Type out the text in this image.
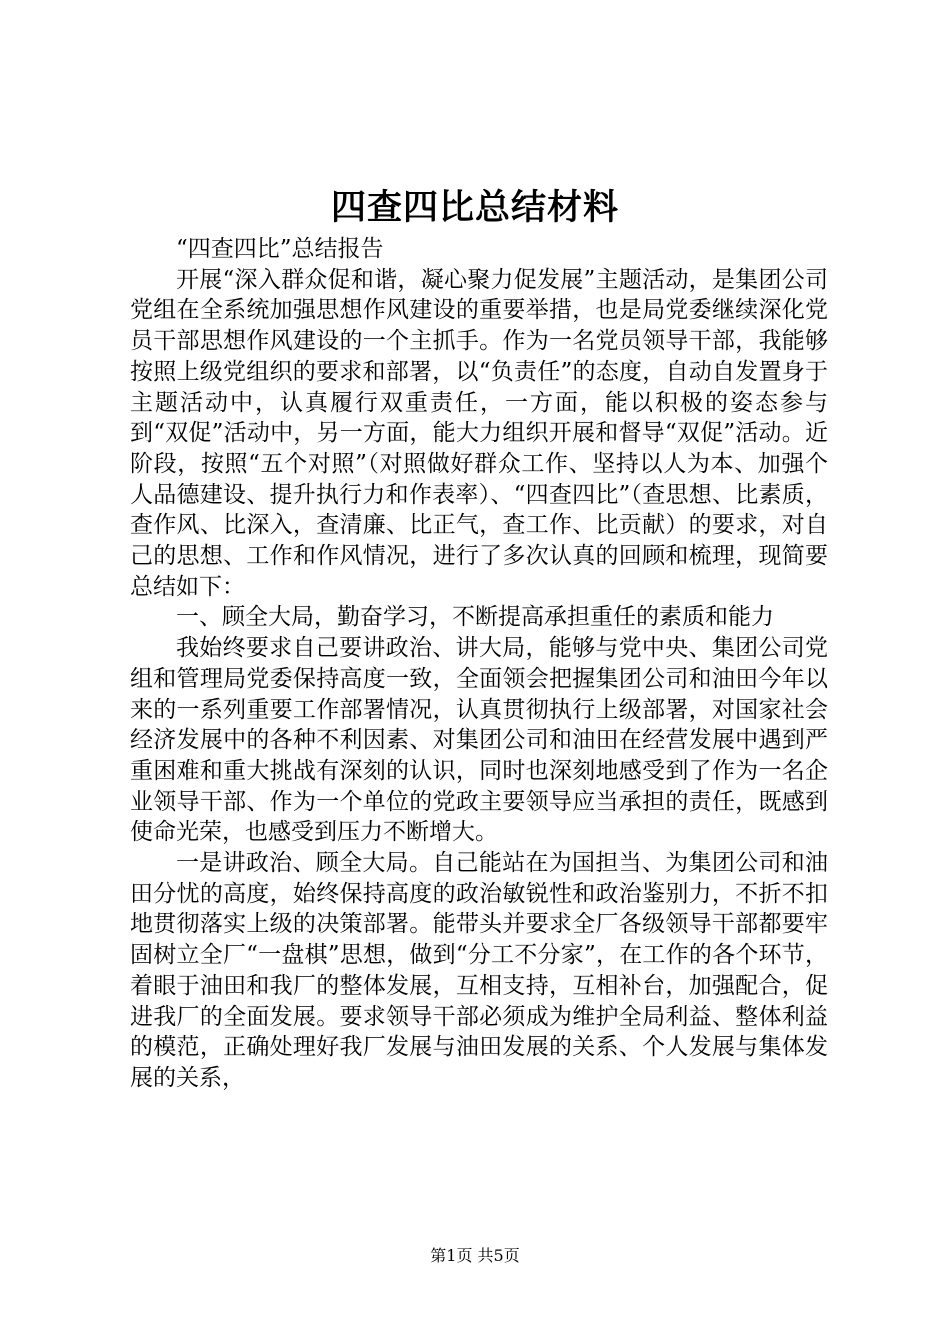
四查四比总结材料

“四查四比”总结报告

开展“深入群众促和谐，凝心聚力促发展”主题活动，是集团公司党组在全系统加强思想作风建设的重要举措，也是局党委继续深化党员干部思想作风建设的一个主抓手。作为一名党员领导干部，我能够按照上级党组织的要求和部署，以“负责任”的态度，自动自发置身于主题活动中，认真履行双重责任，一方面，能以积极的姿态参与到“双促”活动中，另一方面，能大力组织开展和督导“双促”活动。近阶段，按照“五个对照”（对照做好群众工作、坚持以人为本、加强个人品德建设、提升执行力和作表率）、“四查四比”（查思想、比素质，查作风、比深入，查清廉、比正气，查工作、比贡献）的要求，对自己的思想、工作和作风情况，进行了多次认真的回顾和梳理，现简要总结如下：

一、顾全大局，勤奋学习，不断提高承担重任的素质和能力

我始终要求自己要讲政治、讲大局，能够与党中央、集团公司党组和管理局党委保持高度一致，全面领会把握集团公司和油田今年以来的一系列重要工作部署情况，认真贯彻执行上级部署，对国家社会经济发展中的各种不利因素、对集团公司和油田在经营发展中遇到严重困难和重大挑战有深刻的认识，同时也深刻地感受到了作为一名企业领导干部、作为一个单位的党政主要领导应当承担的责任，既感到使命光荣，也感受到压力不断增大。

一是讲政治、顾全大局。自己能站在为国担当、为集团公司和油田分忧的高度，始终保持高度的政治敏锐性和政治鉴别力，不折不扣地贯彻落实上级的决策部署。能带头并要求全厂各级领导干部都要牢固树立全厂“一盘棋”思想，做到“分工不分家”，在工作的各个环节，着眼于油田和我厂的整体发展，互相支持，互相补台，加强配合，促进我厂的全面发展。要求领导干部必须成为维护全局利益、整体利益的模范，正确处理好我厂发展与油田发展的关系、个人发展与集体发展的关系，

第1页 共5页
